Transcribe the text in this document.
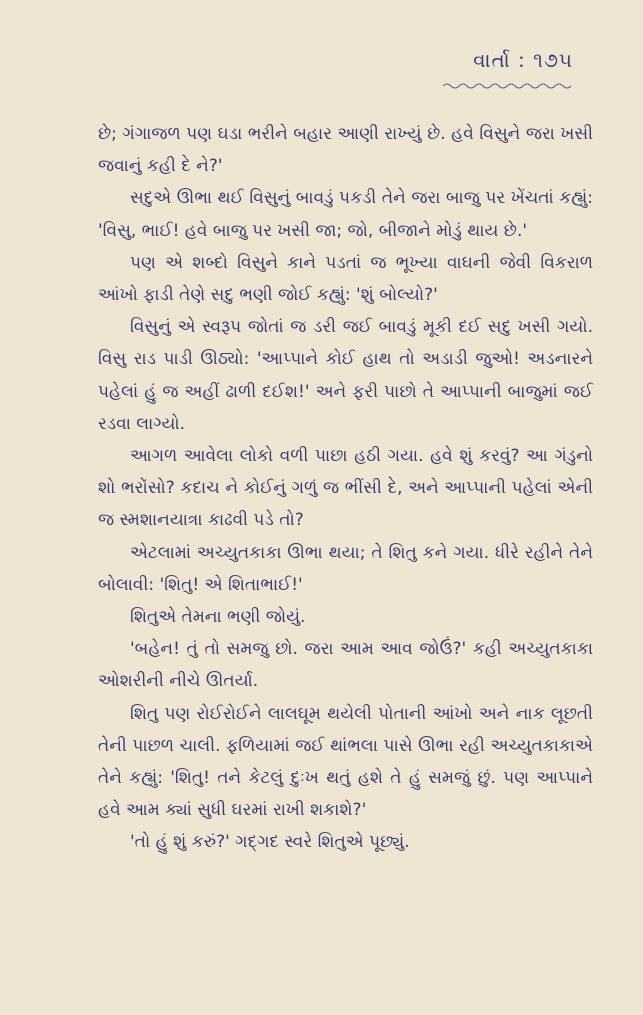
વાર્તા : ૧૭૫

છે; ગંગાજળ પણ ઘડા ભરીને બહાર આણી રાખ્યું છે. હવે વિસુને જરા ખસી જવાનું કહી દે ને?'

સદુએ ઊભા થઈ વિસુનું બાવડું પકડી તેને જરા બાજુ પર ખેંચતાં કહ્યું: 'વિસુ, ભાઈ! હવે બાજુ પર ખસી જા; જો, બીજાને મોડું થાય છે.'

પણ એ શબ્દો વિસુને કાને પડતાં જ ભૂખ્યા વાઘની જેવી વિકરાળ આંખો ફાડી તેણે સદુ ભણી જોઈ કહ્યું: 'શું બોલ્યો?'

વિસુનું એ સ્વરૂપ જોતાં જ ડરી જઈ બાવડું મૂકી દઈ સદુ ખસી ગયો. વિસુ રાડ પાડી ઊઠ્યો: 'આપ્પાને કોઈ હાથ તો અડાડી જુઓ! અડનારને પહેલાં હું જ અહીં ઢાળી દઈશ!' અને ફરી પાછો તે આપ્પાની બાજુમાં જઈ રડવા લાગ્યો.

આગળ આવેલા લોકો વળી પાછા હઠી ગયા. હવે શું કરવું? આ ગંડુનો શો ભરોંસો? કદાચ ને કોઈનું ગળું જ ભીંસી દે, અને આપ્પાની પહેલાં એની જ સ્મશાનયાત્રા કાઢવી પડે તો?

એટલામાં અચ્યુતકાકા ઊભા થયા; તે શિતુ કને ગયા. ધીરે રહીને તેને બોલાવી: 'શિતુ! એ શિતાભાઈ!'

શિતુએ તેમના ભણી જોયું.

'બહેન! તું તો સમજુ છો. જરા આમ આવ જોઉં?' કહી અચ્યુતકાકા ઓશરીની નીચે ઊતર્યા.

શિતુ પણ રોઈરોઈને લાલઘૂમ થયેલી પોતાની આંખો અને નાક લૂછતી તેની પાછળ ચાલી. ફળિયામાં જઈ થાંભલા પાસે ઊભા રહી અચ્યુતકાકાએ તેને કહ્યું: 'શિતુ! તને કેટલું દુઃખ થતું હશે તે હું સમજું છું. પણ આપ્પાને હવે આમ ક્યાં સુધી ઘરમાં રાખી શકાશે?'

'તો હું શું કરું?' ગદ્ગદ સ્વરે શિતુએ પૂછ્યું.
